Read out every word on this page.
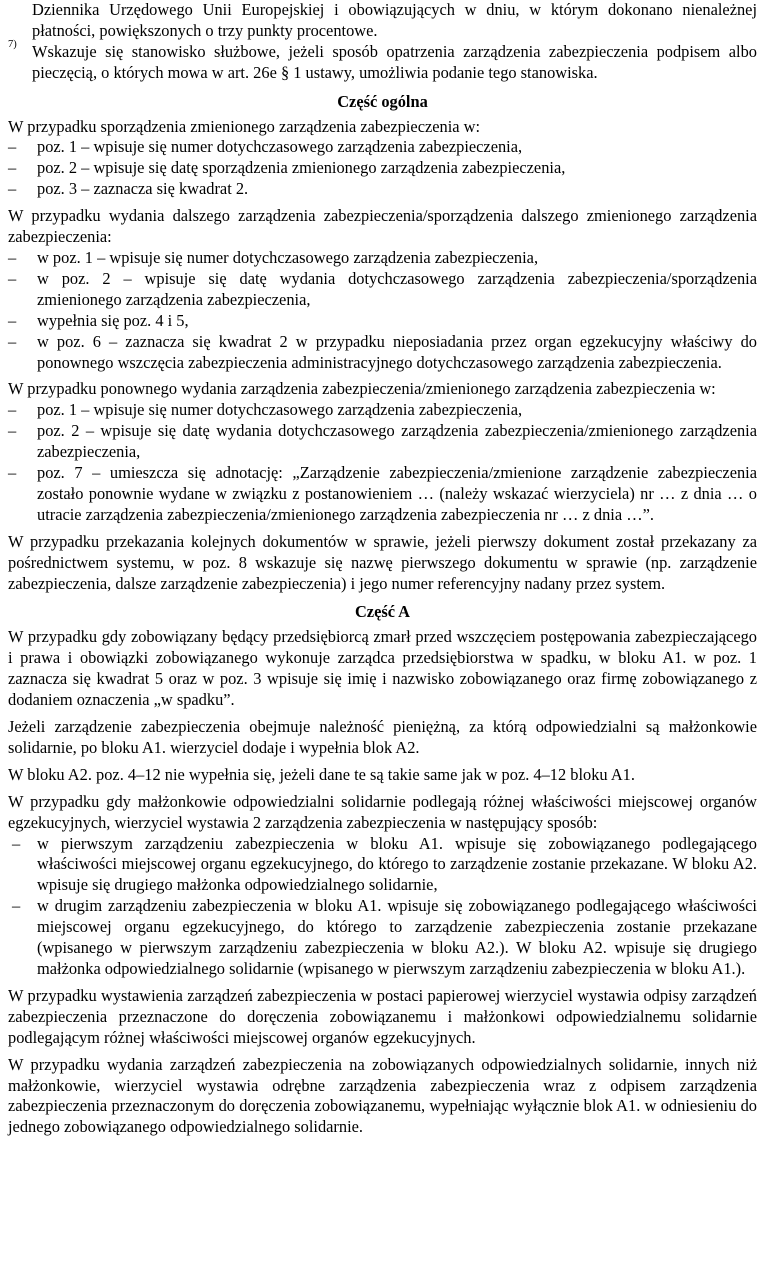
Dziennika Urzędowego Unii Europejskiej i obowiązujących w dniu, w którym dokonano nienależnej płatności, powiększonych o trzy punkty procentowe.

7) Wskazuje się stanowisko służbowe, jeżeli sposób opatrzenia zarządzenia zabezpieczenia podpisem albo pieczęcią, o których mowa w art. 26e § 1 ustawy, umożliwia podanie tego stanowiska.

Część ogólna

W przypadku sporządzenia zmienionego zarządzenia zabezpieczenia w:

– poz. 1 – wpisuje się numer dotychczasowego zarządzenia zabezpieczenia,
– poz. 2 – wpisuje się datę sporządzenia zmienionego zarządzenia zabezpieczenia,
– poz. 3 – zaznacza się kwadrat 2.

W przypadku wydania dalszego zarządzenia zabezpieczenia/sporządzenia dalszego zmienionego zarządzenia zabezpieczenia:

– w poz. 1 – wpisuje się numer dotychczasowego zarządzenia zabezpieczenia,
– w poz. 2 – wpisuje się datę wydania dotychczasowego zarządzenia zabezpieczenia/sporządzenia zmienionego zarządzenia zabezpieczenia,
– wypełnia się poz. 4 i 5,
– w poz. 6 – zaznacza się kwadrat 2 w przypadku nieposiadania przez organ egzekucyjny właściwy do ponownego wszczęcia zabezpieczenia administracyjnego dotychczasowego zarządzenia zabezpieczenia.

W przypadku ponownego wydania zarządzenia zabezpieczenia/zmienionego zarządzenia zabezpieczenia w:

– poz. 1 – wpisuje się numer dotychczasowego zarządzenia zabezpieczenia,
– poz. 2 – wpisuje się datę wydania dotychczasowego zarządzenia zabezpieczenia/zmienionego zarządzenia zabezpieczenia,
– poz. 7 – umieszcza się adnotację: „Zarządzenie zabezpieczenia/zmienione zarządzenie zabezpieczenia zostało ponownie wydane w związku z postanowieniem … (należy wskazać wierzyciela) nr … z dnia … o utracie zarządzenia zabezpieczenia/zmienionego zarządzenia zabezpieczenia nr … z dnia …”.

W przypadku przekazania kolejnych dokumentów w sprawie, jeżeli pierwszy dokument został przekazany za pośrednictwem systemu, w poz. 8 wskazuje się nazwę pierwszego dokumentu w sprawie (np. zarządzenie zabezpieczenia, dalsze zarządzenie zabezpieczenia) i jego numer referencyjny nadany przez system.

Część A

W przypadku gdy zobowiązany będący przedsiębiorcą zmarł przed wszczęciem postępowania zabezpieczającego i prawa i obowiązki zobowiązanego wykonuje zarządca przedsiębiorstwa w spadku, w bloku A1. w poz. 1 zaznacza się kwadrat 5 oraz w poz. 3 wpisuje się imię i nazwisko zobowiązanego oraz firmę zobowiązanego z dodaniem oznaczenia „w spadku”.

Jeżeli zarządzenie zabezpieczenia obejmuje należność pieniężną, za którą odpowiedzialni są małżonkowie solidarnie, po bloku A1. wierzyciel dodaje i wypełnia blok A2.

W bloku A2. poz. 4–12 nie wypełnia się, jeżeli dane te są takie same jak w poz. 4–12 bloku A1.

W przypadku gdy małżonkowie odpowiedzialni solidarnie podlegają różnej właściwości miejscowej organów egzekucyjnych, wierzyciel wystawia 2 zarządzenia zabezpieczenia w następujący sposób:

– w pierwszym zarządzeniu zabezpieczenia w bloku A1. wpisuje się zobowiązanego podlegającego właściwości miejscowej organu egzekucyjnego, do którego to zarządzenie zostanie przekazane. W bloku A2. wpisuje się drugiego małżonka odpowiedzialnego solidarnie,
– w drugim zarządzeniu zabezpieczenia w bloku A1. wpisuje się zobowiązanego podlegającego właściwości miejscowej organu egzekucyjnego, do którego to zarządzenie zabezpieczenia zostanie przekazane (wpisanego w pierwszym zarządzeniu zabezpieczenia w bloku A2.). W bloku A2. wpisuje się drugiego małżonka odpowiedzialnego solidarnie (wpisanego w pierwszym zarządzeniu zabezpieczenia w bloku A1.).

W przypadku wystawienia zarządzeń zabezpieczenia w postaci papierowej wierzyciel wystawia odpisy zarządzeń zabezpieczenia przeznaczone do doręczenia zobowiązanemu i małżonkowi odpowiedzialnemu solidarnie podlegającym różnej właściwości miejscowej organów egzekucyjnych.

W przypadku wydania zarządzeń zabezpieczenia na zobowiązanych odpowiedzialnych solidarnie, innych niż małżonkowie, wierzyciel wystawia odrębne zarządzenia zabezpieczenia wraz z odpisem zarządzenia zabezpieczenia przeznaczonym do doręczenia zobowiązanemu, wypełniając wyłącznie blok A1. w odniesieniu do jednego zobowiązanego odpowiedzialnego solidarnie.
